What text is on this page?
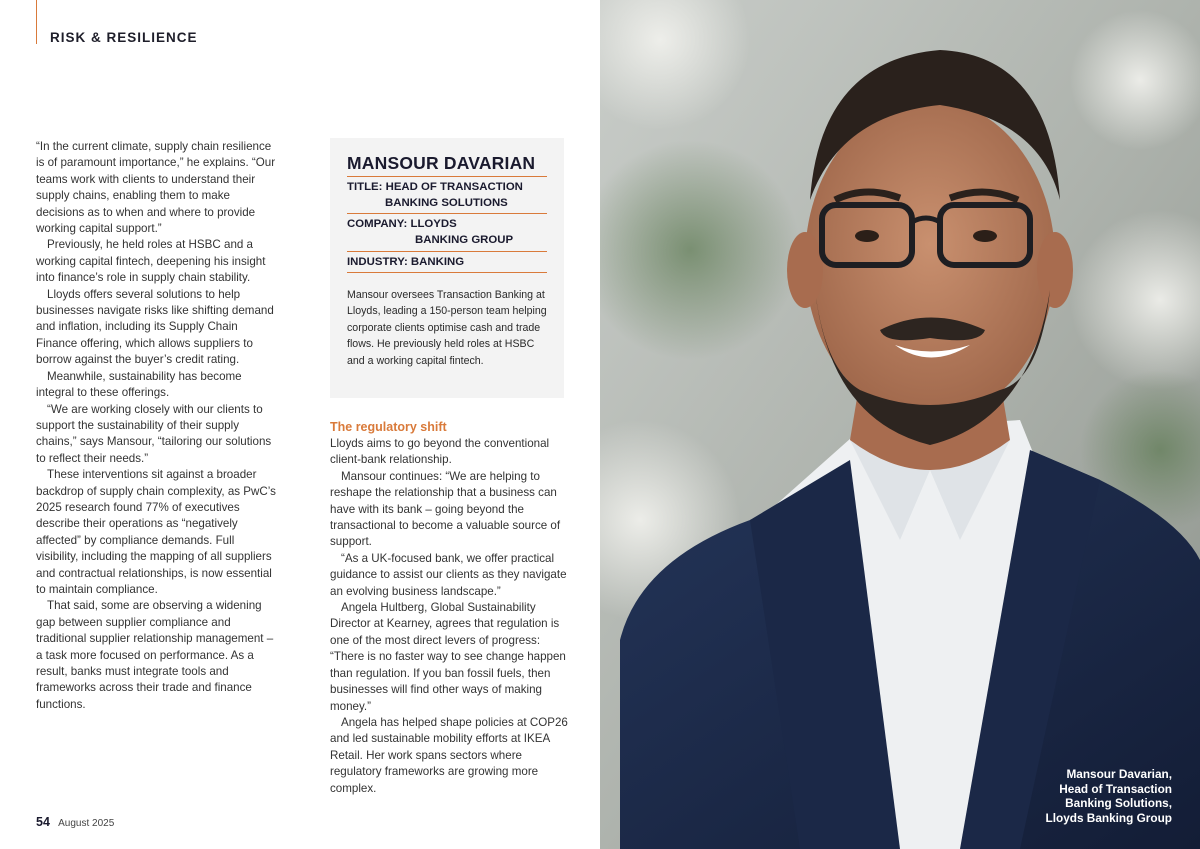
RISK & RESILIENCE

“In the current climate, supply chain resilience is of paramount importance,” he explains. “Our teams work with clients to understand their supply chains, enabling them to make decisions as to when and where to provide working capital support.”

Previously, he held roles at HSBC and a working capital fintech, deepening his insight into finance’s role in supply chain stability.

Lloyds offers several solutions to help businesses navigate risks like shifting demand and inflation, including its Supply Chain Finance offering, which allows suppliers to borrow against the buyer’s credit rating.

Meanwhile, sustainability has become integral to these offerings.

“We are working closely with our clients to support the sustainability of their supply chains,” says Mansour, “tailoring our solutions to reflect their needs.”

These interventions sit against a broader backdrop of supply chain complexity, as PwC’s 2025 research found 77% of executives describe their operations as “negatively affected” by compliance demands. Full visibility, including the mapping of all suppliers and contractual relationships, is now essential to maintain compliance.

That said, some are observing a widening gap between supplier compliance and traditional supplier relationship management – a task more focused on performance. As a result, banks must integrate tools and frameworks across their trade and finance functions.

MANSOUR DAVARIAN
TITLE: HEAD OF TRANSACTION
BANKING SOLUTIONS
COMPANY: LLOYDS
BANKING GROUP
INDUSTRY: BANKING
Mansour oversees Transaction Banking at Lloyds, leading a 150-person team helping corporate clients optimise cash and trade flows. He previously held roles at HSBC and a working capital fintech.
The regulatory shift

Lloyds aims to go beyond the conventional client-bank relationship.

Mansour continues: “We are helping to reshape the relationship that a business can have with its bank – going beyond the transactional to become a valuable source of support.

“As a UK-focused bank, we offer practical guidance to assist our clients as they navigate an evolving business landscape.”

Angela Hultberg, Global Sustainability Director at Kearney, agrees that regulation is one of the most direct levers of progress: “There is no faster way to see change happen than regulation. If you ban fossil fuels, then businesses will find other ways of making money.”

Angela has helped shape policies at COP26 and led sustainable mobility efforts at IKEA Retail. Her work spans sectors where regulatory frameworks are growing more complex.

54 August 2025
Mansour Davarian,
Head of Transaction
Banking Solutions,
Lloyds Banking Group
